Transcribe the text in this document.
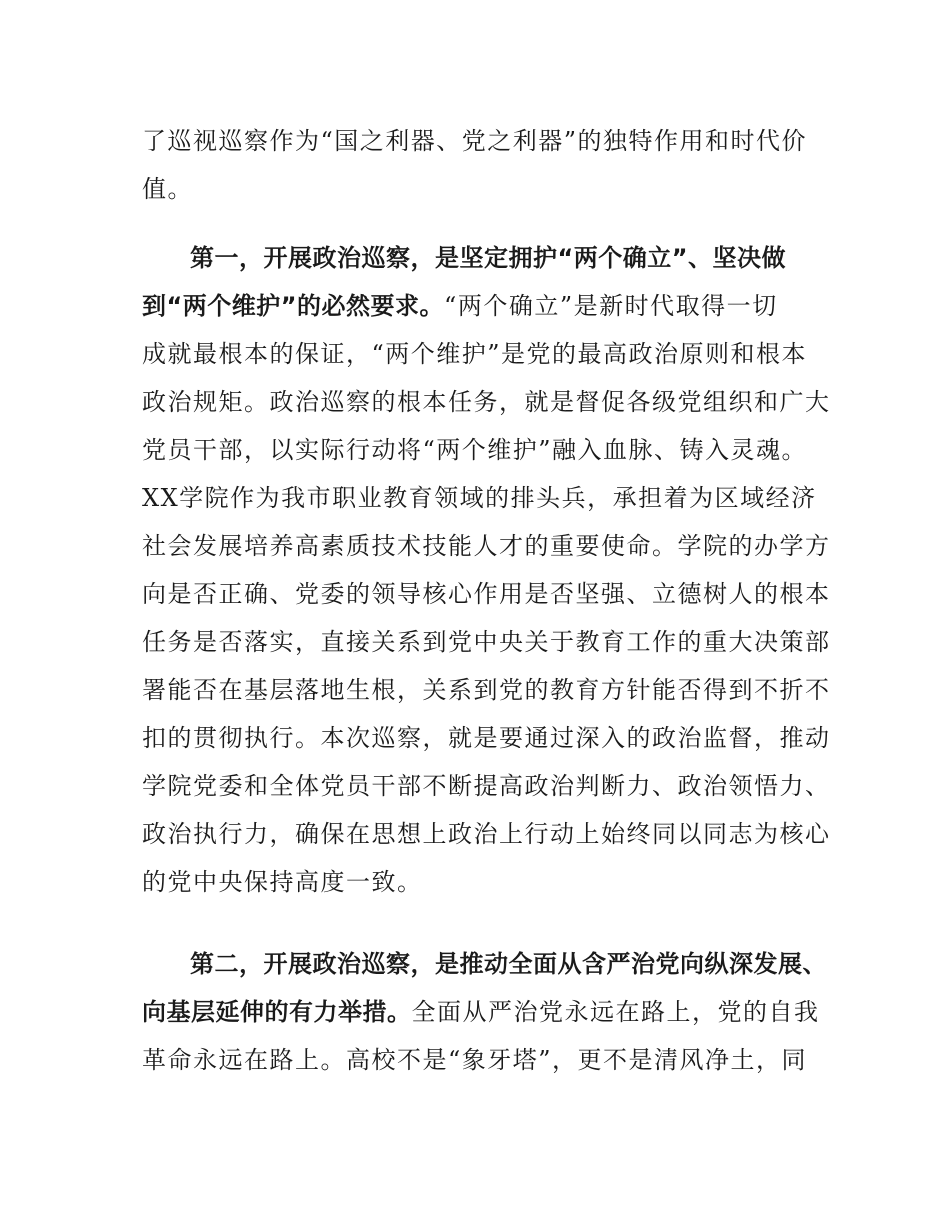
了巡视巡察作为“国之利器、党之利器”的独特作用和时代价
值。
第一，开展政治巡察，是坚定拥护“两个确立”、坚决做
到“两个维护”的必然要求。“两个确立”是新时代取得一切
成就最根本的保证，“两个维护”是党的最高政治原则和根本
政治规矩。政治巡察的根本任务，就是督促各级党组织和广大
党员干部，以实际行动将“两个维护”融入血脉、铸入灵魂。
XX学院作为我市职业教育领域的排头兵，承担着为区域经济
社会发展培养高素质技术技能人才的重要使命。学院的办学方
向是否正确、党委的领导核心作用是否坚强、立德树人的根本
任务是否落实，直接关系到党中央关于教育工作的重大决策部
署能否在基层落地生根，关系到党的教育方针能否得到不折不
扣的贯彻执行。本次巡察，就是要通过深入的政治监督，推动
学院党委和全体党员干部不断提高政治判断力、政治领悟力、
政治执行力，确保在思想上政治上行动上始终同以同志为核心
的党中央保持高度一致。
第二，开展政治巡察，是推动全面从含严治党向纵深发展、
向基层延伸的有力举措。全面从严治党永远在路上，党的自我
革命永远在路上。高校不是“象牙塔”，更不是清风净土，同
